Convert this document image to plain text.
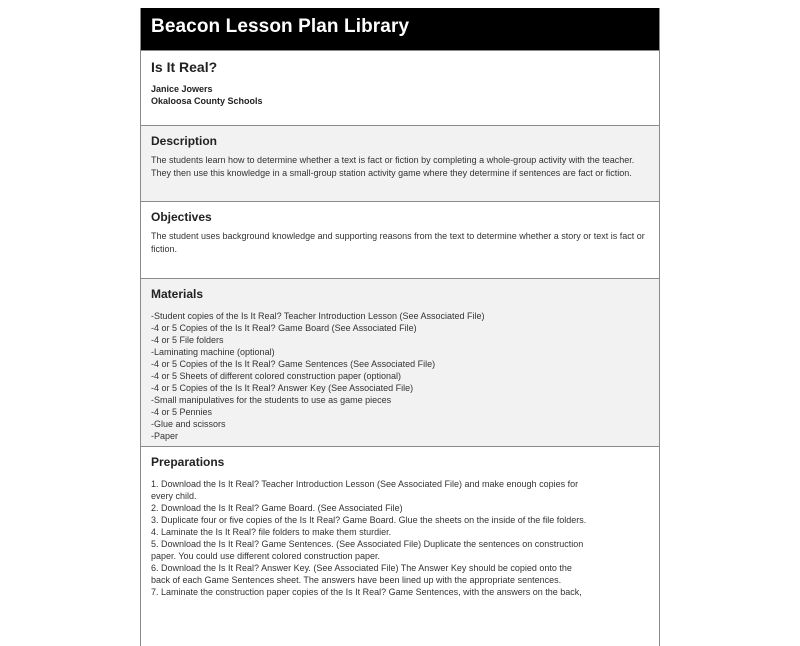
Beacon Lesson Plan Library
Is It Real?
Janice Jowers
Okaloosa County Schools
Description

The students learn how to determine whether a text is fact or fiction by completing a whole-group activity with the teacher. They then use this knowledge in a small-group station activity game where they determine if sentences are fact or fiction.

Objectives

The student uses background knowledge and supporting reasons from the text to determine whether a story or text is fact or fiction.

Materials
-Student copies of the Is It Real? Teacher Introduction Lesson (See Associated File)
-4 or 5 Copies of the Is It Real? Game Board (See Associated File)
-4 or 5 File folders
-Laminating machine (optional)
-4 or 5 Copies of the Is It Real? Game Sentences (See Associated File)
-4 or 5 Sheets of different colored construction paper (optional)
-4 or 5 Copies of the Is It Real? Answer Key (See Associated File)
-Small manipulatives for the students to use as game pieces
-4 or 5 Pennies
-Glue and scissors
-Paper
Preparations
1. Download the Is It Real? Teacher Introduction Lesson (See Associated File) and make enough copies for
every child.
2. Download the Is It Real? Game Board. (See Associated File)
3. Duplicate four or five copies of the Is It Real? Game Board. Glue the sheets on the inside of the file folders.
4. Laminate the Is It Real? file folders to make them sturdier.
5. Download the Is It Real? Game Sentences. (See Associated File) Duplicate the sentences on construction
paper. You could use different colored construction paper.
6. Download the Is It Real? Answer Key. (See Associated File) The Answer Key should be copied onto the
back of each Game Sentences sheet. The answers have been lined up with the appropriate sentences.
7. Laminate the construction paper copies of the Is It Real? Game Sentences, with the answers on the back,
